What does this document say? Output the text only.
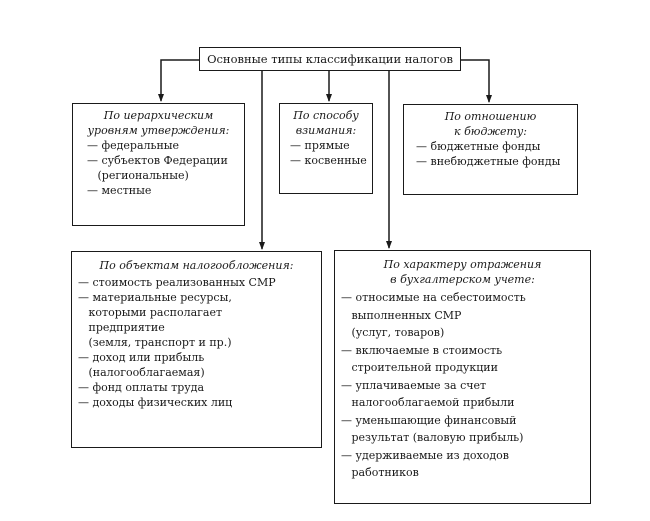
Основные типы классификации налогов
По иерархическим
уровням утверждения:
— федеральные
— субъектов Федерации
(региональные)
— местные
По способу
взимания:
— прямые
— косвенные
По отношению
к бюджету:
— бюджетные фонды
— внебюджетные фонды
По объектам налогообложения:
— стоимость реализованных СМР
— материальные ресурсы,
которыми располагает
предприятие
(земля, транспорт и пр.)
— доход или прибыль
(налогооблагаемая)
— фонд оплаты труда
— доходы физических лиц
По характеру отражения
в бухгалтерском учете:
— относимые на себестоимость
выполненных СМР
(услуг, товаров)
— включаемые в стоимость
строительной продукции
— уплачиваемые за счет
налогооблагаемой прибыли
— уменьшающие финансовый
результат (валовую прибыль)
— удерживаемые из доходов
работников
